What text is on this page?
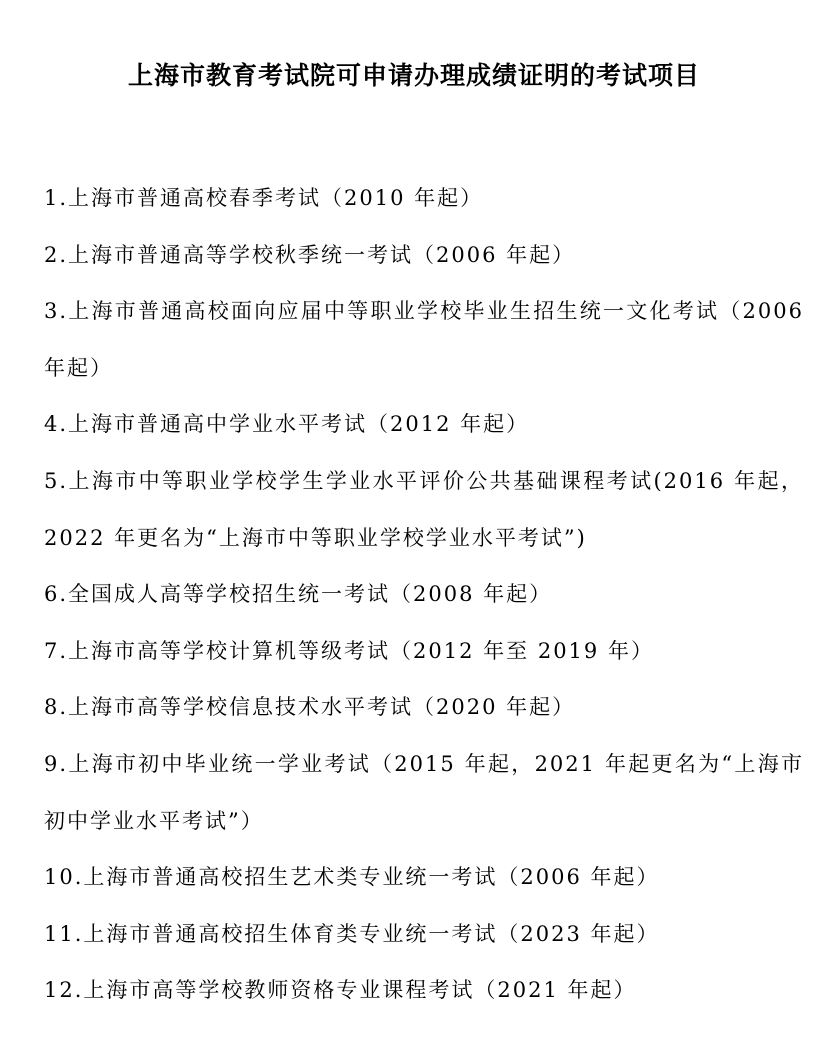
上海市教育考试院可申请办理成绩证明的考试项目
1.上海市普通高校春季考试（2010 年起）
2.上海市普通高等学校秋季统一考试（2006 年起）
3.上海市普通高校面向应届中等职业学校毕业生招生统一文化考试（2006 年起）
4.上海市普通高中学业水平考试（2012 年起）
5.上海市中等职业学校学生学业水平评价公共基础课程考试(2016 年起，2022 年更名为“上海市中等职业学校学业水平考试”)
6.全国成人高等学校招生统一考试（2008 年起）
7.上海市高等学校计算机等级考试（2012 年至 2019 年）
8.上海市高等学校信息技术水平考试（2020 年起）
9.上海市初中毕业统一学业考试（2015 年起，2021 年起更名为“上海市初中学业水平考试”）
10.上海市普通高校招生艺术类专业统一考试（2006 年起）
11.上海市普通高校招生体育类专业统一考试（2023 年起）
12.上海市高等学校教师资格专业课程考试（2021 年起）
